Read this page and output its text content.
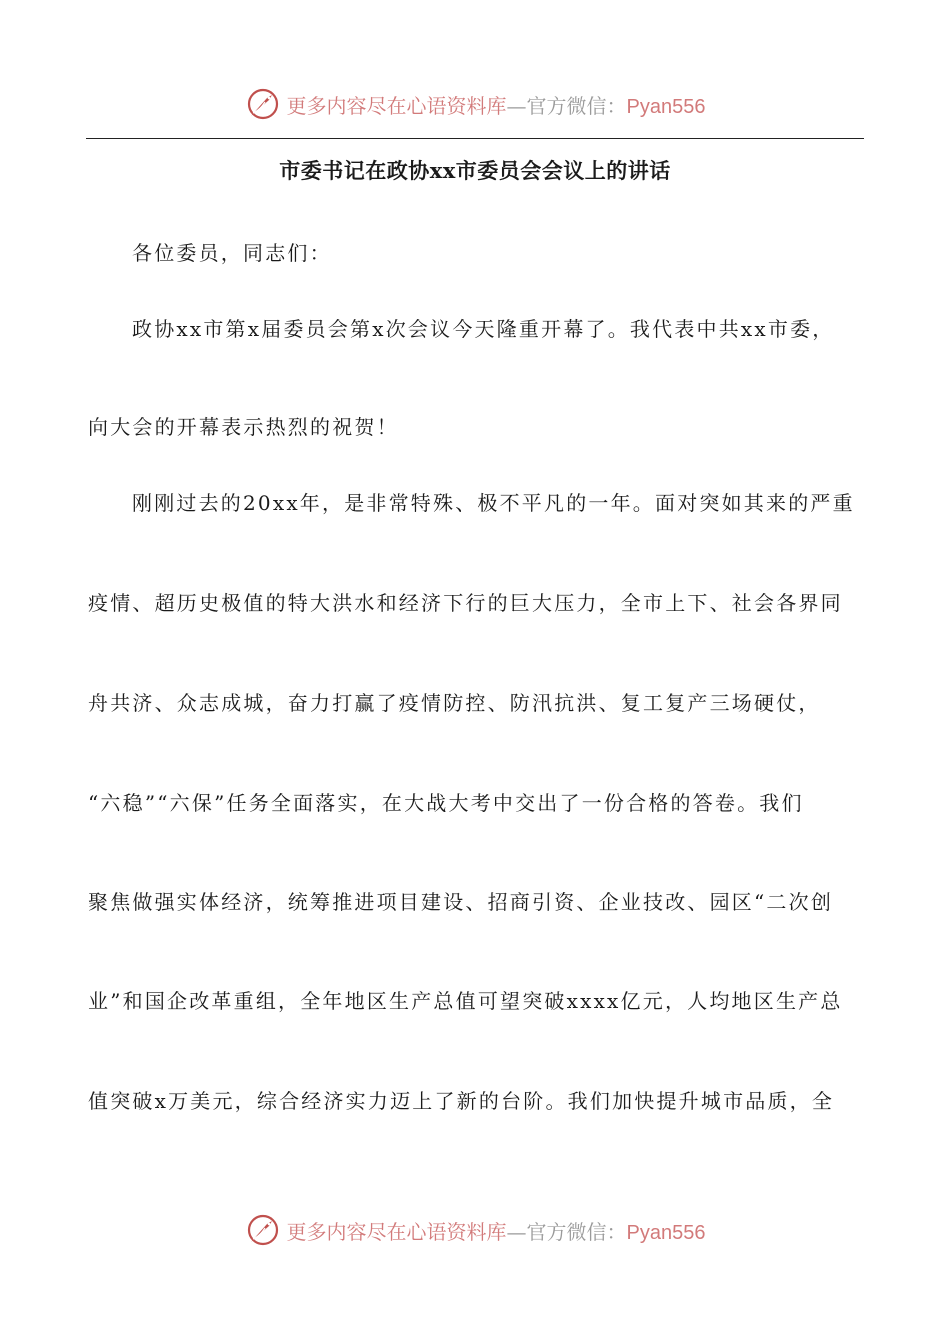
更多内容尽在心语资料库—官方微信：Pyan556
市委书记在政协xx市委员会会议上的讲话
各位委员，同志们：
政协xx市第x届委员会第x次会议今天隆重开幕了。我代表中共xx市委，
向大会的开幕表示热烈的祝贺！
刚刚过去的20xx年，是非常特殊、极不平凡的一年。面对突如其来的严重
疫情、超历史极值的特大洪水和经济下行的巨大压力，全市上下、社会各界同
舟共济、众志成城，奋力打赢了疫情防控、防汛抗洪、复工复产三场硬仗，
“六稳”“六保”任务全面落实，在大战大考中交出了一份合格的答卷。我们
聚焦做强实体经济，统筹推进项目建设、招商引资、企业技改、园区“二次创
业”和国企改革重组，全年地区生产总值可望突破xxxx亿元，人均地区生产总
值突破x万美元，综合经济实力迈上了新的台阶。我们加快提升城市品质，全
更多内容尽在心语资料库—官方微信：Pyan556
